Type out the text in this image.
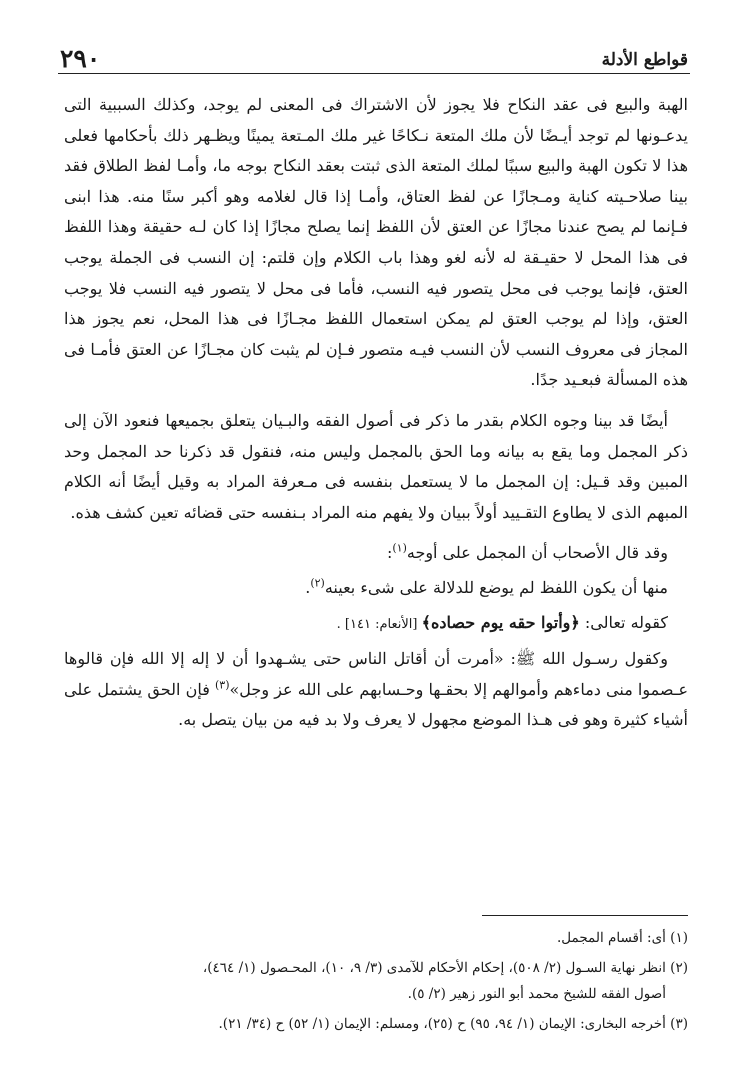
٢٩٠	قواطع الأدلة

الهبة والبيع فى عقد النكاح فلا يجوز لأن الاشتراك فى المعنى لم يوجد، وكذلك السببية التى يدعـونها لم توجد أيـضًا لأن ملك المتعة نـكاحًا غير ملك المـتعة يمينًا ويظـهر ذلك بأحكامها فعلى هذا لا تكون الهبة والبيع سببًا لملك المتعة الذى ثبتت بعقد النكاح بوجه ما، وأمـا لفظ الطلاق فقد بينا صلاحـيته كناية ومـجازًا عن لفظ العتاق، وأمـا إذا قال لغلامه وهو أكبر سنًا منه. هذا ابنى فـإنما لم يصح عندنا مجازًا عن العتق لأن اللفظ إنما يصلح مجازًا إذا كان لـه حقيقة وهذا اللفظ فى هذا المحل لا حقيـقة له لأنه لغو وهذا باب الكلام وإن قلتم: إن النسب فى الجملة يوجب العتق، فإنما يوجب فى محل يتصور فيه النسب، فأما فى محل لا يتصور فيه النسب فلا يوجب العتق، وإذا لم يوجب العتق لم يمكن استعمال اللفظ مجـازًا فى هذا المحل، نعم يجوز هذا المجاز فى معروف النسب لأن النسب فيـه متصور فـإن لم يثبت كان مجـازًا عن العتق فأمـا فى هذه المسألة فبعـيد جدًا.

أيضًا قد بينا وجوه الكلام بقدر ما ذكر فى أصول الفقه والبـيان يتعلق بجميعها فنعود الآن إلى ذكر المجمل وما يقع به بيانه وما الحق بالمجمل وليس منه، فنقول قد ذكرنا حد المجمل وحد المبين وقد قـيل: إن المجمل ما لا يستعمل بنفسه فى مـعرفة المراد به وقيل أيضًا أنه الكلام المبهم الذى لا يطاوع التقـييد أولاً ببيان ولا يفهم منه المراد بـنفسه حتى قضائه تعين كشف هذه.

وقد قال الأصحاب أن المجمل على أوجه$^{(١)}$:

منها أن يكون اللفظ لم يوضع للدلالة على شىء بعينه$^{(٢)}$.

كقوله تعالى: ﴿وأتوا حقه يوم حصاده﴾ [الأنعام: ١٤١] .

وكقول رسـول الله ﷺ: «أمرت أن أقاتل الناس حتى يشـهدوا أن لا إله إلا الله فإن قالوها عـصموا منى دماءهم وأموالهم إلا بحقـها وحـسابهم على الله عز وجل»$^{(٣)}$ فإن الحق يشتمل على أشياء كثيرة وهو فى هـذا الموضع مجهول لا يعرف ولا بد فيه من بيان يتصل به.

(١) أى: أقسام المجمل.

(٢) انظر نهاية السـول (٢/ ٥٠٨)، إحكام الأحكام للآمدى (٣/ ٩، ١٠)، المحـصول (١/ ٤٦٤)،

أصول الفقه للشيخ محمد أبو النور زهير (٢/ ٥).

(٣) أخرجه البخارى: الإيمان (١/ ٩٤، ٩٥) ح (٢٥)، ومسلم: الإيمان (١/ ٥٢) ح (٣٤/ ٢١).
